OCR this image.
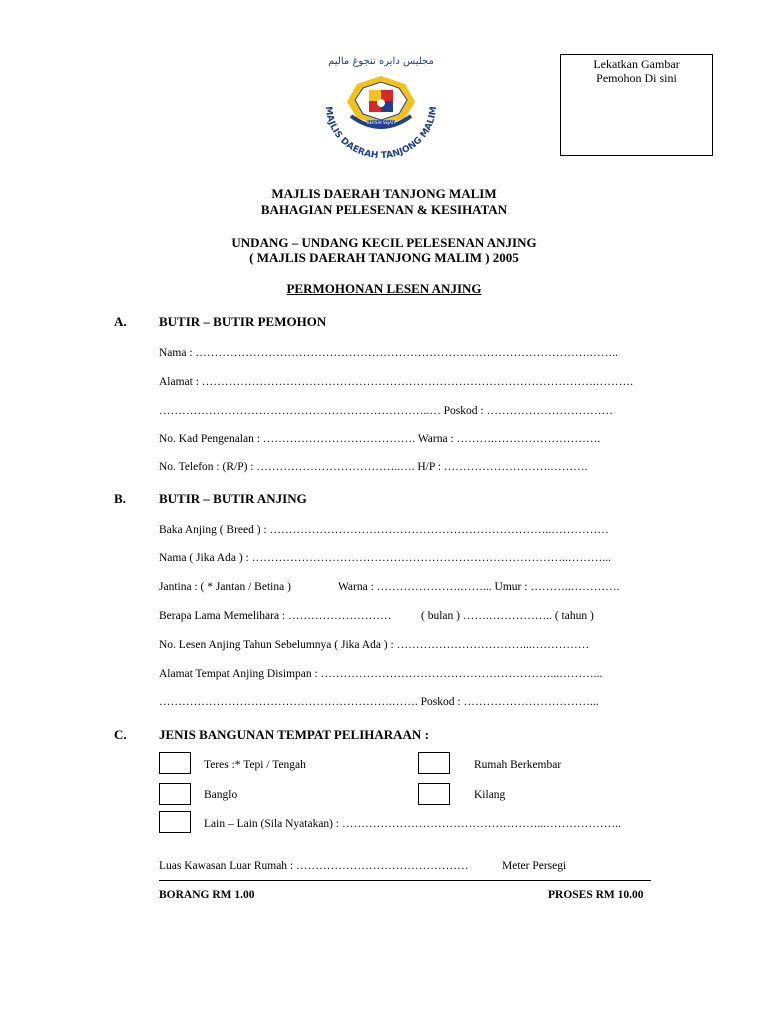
Lekatkan Gambar
Pemohon Di sini
مجليس دايره تنجوڠ ماليم
BERSIH SEJATI
MAJLIS DAERAH TANJONG MALIM
MAJLIS DAERAH TANJONG MALIM
BAHAGIAN PELESENAN & KESIHATAN
UNDANG – UNDANG KECIL PELESENAN ANJING
( MAJLIS DAERAH TANJONG MALIM ) 2005
PERMOHONAN LESEN ANJING
A. BUTIR – BUTIR PEMOHON
Nama : ………………………………………………………………………………………….……..
Alamat : ………………………………………………………………………………………….……….
……………………………………………………………..… Poskod : ……………………………
No. Kad Pengenalan : …………………………………. Warna : ……….……………………….
No. Telefon : (R/P) : ………………………………..…. H/P : ……………………….……….
B.	BUTIR – BUTIR ANJING
Baka Anjing ( Breed ) : ………………………………………………………………..……………
Nama ( Jika Ada ) : ………………………………………………………………………..………...
Jantina : ( * Jantan / Betina )	Warna : ………………….……... Umur : ………..………….
Berapa Lama Memelihara : ………………………	( bulan ) …….…………….. ( tahun )
No. Lesen Anjing Tahun Sebelumnya ( Jika Ada ) : ……………………………...……………
Alamat Tempat Anjing Disimpan : ……………………………………………………...………...
…………………………………………………….……. Poskod : ……………………………...
C. JENIS BANGUNAN TEMPAT PELIHARAAN :
Teres :* Tepi / Tengah	Rumah Berkembar
Banglo	Kilang
Lain – Lain (Sila Nyatakan) : ……………………………………………...………………..
Luas Kawasan Luar Rumah : ………………………………………	Meter Persegi
BORANG RM 1.00	PROSES RM 10.00
